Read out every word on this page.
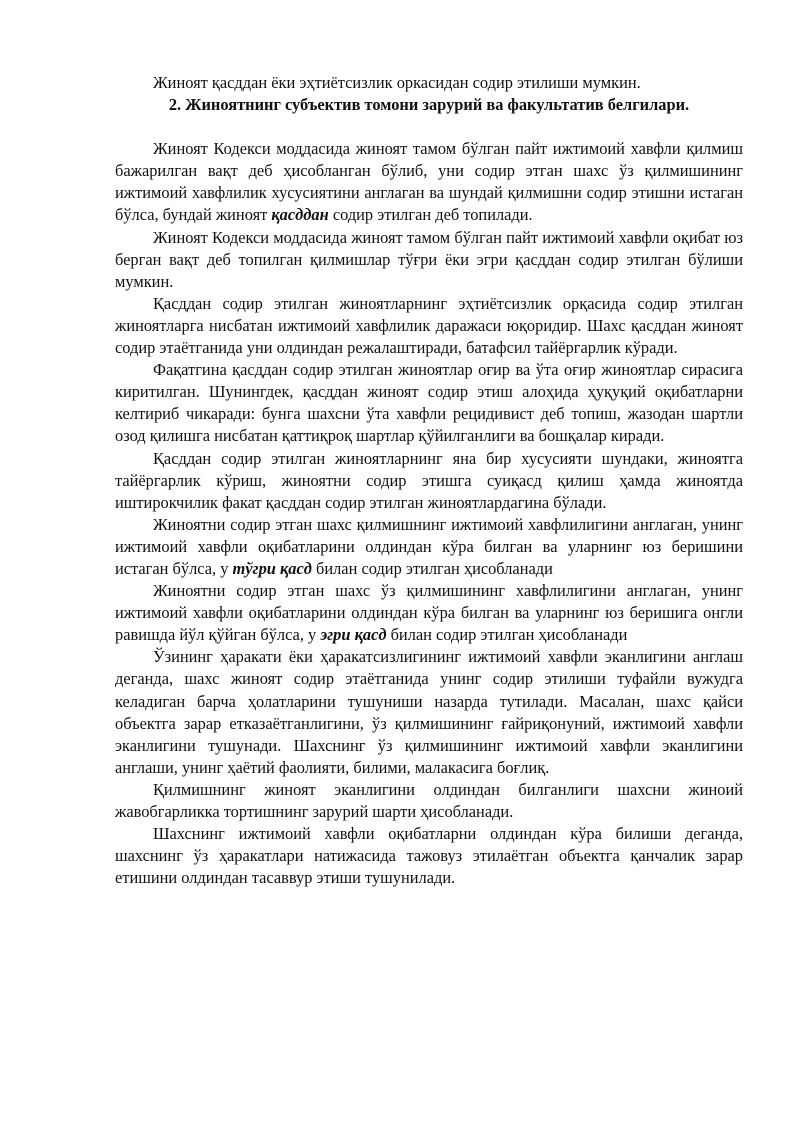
Жиноят қасддан ёки эҳтиётсизлик оркасидан содир этилиши мумкин.

2. Жиноятнинг субъектив томони зарурий ва факультатив белгилари.

Жиноят Кодекси моддасида жиноят тамом бўлган пайт ижтимоий хавфли қилмиш бажарилган вақт деб ҳисобланган бўлиб, уни содир этган шахс ўз қилмишининг ижтимоий хавфлилик хусусиятини англаган ва шундай қилмишни содир этишни истаган бўлса, бундай жиноят қасддан содир этилган деб топилади.

Жиноят Кодекси моддасида жиноят тамом бўлган пайт ижтимоий хавфли оқибат юз берган вақт деб топилган қилмишлар тўғри ёки эгри қасддан содир этилган бўлиши мумкин.

Қасддан содир этилган жиноятларнинг эҳтиётсизлик орқасида содир этилган жиноятларга нисбатан ижтимоий хавфлилик даражаси юқоридир. Шахс қасддан жиноят содир этаётганида уни олдиндан режалаштиради, батафсил тайёргарлик кўради.

Фақатгина қасддан содир этилган жиноятлар оғир ва ўта оғир жиноятлар сирасига киритилган. Шунингдек, қасддан жиноят содир этиш алоҳида ҳуқуқий оқибатларни келтириб чикаради: бунга шахсни ўта хавфли рецидивист деб топиш, жазодан шартли озод қилишга нисбатан қаттиқроқ шартлар қўйилганлиги ва бошқалар киради.

Қасддан содир этилган жиноятларнинг яна бир хусусияти шундаки, жиноятга тайёргарлик кўриш, жиноятни содир этишга суиқасд қилиш ҳамда жиноятда иштирокчилик факат қасддан содир этилган жиноятлардагина бўлади.

Жиноятни содир этган шахс қилмишнинг ижтимоий хавфлилигини англаган, унинг ижтимоий хавфли оқибатларини олдиндан кўра билган ва уларнинг юз беришини истаган бўлса, у тўгри қасд билан содир этилган ҳисобланади

Жиноятни содир этган шахс ўз қилмишининг хавфлилигини англаган, унинг ижтимоий хавфли оқибатларини олдиндан кўра билган ва уларнинг юз беришига онгли равишда йўл қўйган бўлса, у эгри қасд билан содир этилган ҳисобланади

Ўзининг ҳаракати ёки ҳаракатсизлигининг ижтимоий хавфли эканлигини англаш деганда, шахс жиноят содир этаётганида унинг содир этилиши туфайли вужудга келадиган барча ҳолатларини тушуниши назарда тутилади. Масалан, шахс қайси объектга зарар етказаётганлигини, ўз қилмишининг ғайриқонуний, ижтимоий хавфли эканлигини тушунади. Шахснинг ўз қилмишининг ижтимоий хавфли эканлигини англаши, унинг ҳаётий фаолияти, билими, малакасига боғлиқ.

Қилмишнинг жиноят эканлигини олдиндан билганлиги шахсни жиноий жавобгарликка тортишнинг зарурий шарти ҳисобланади.

Шахснинг ижтимоий хавфли оқибатларни олдиндан кўра билиши деганда, шахснинг ўз ҳаракатлари натижасида тажовуз этилаётган объектга қанчалик зарар етишини олдиндан тасаввур этиши тушунилади.
